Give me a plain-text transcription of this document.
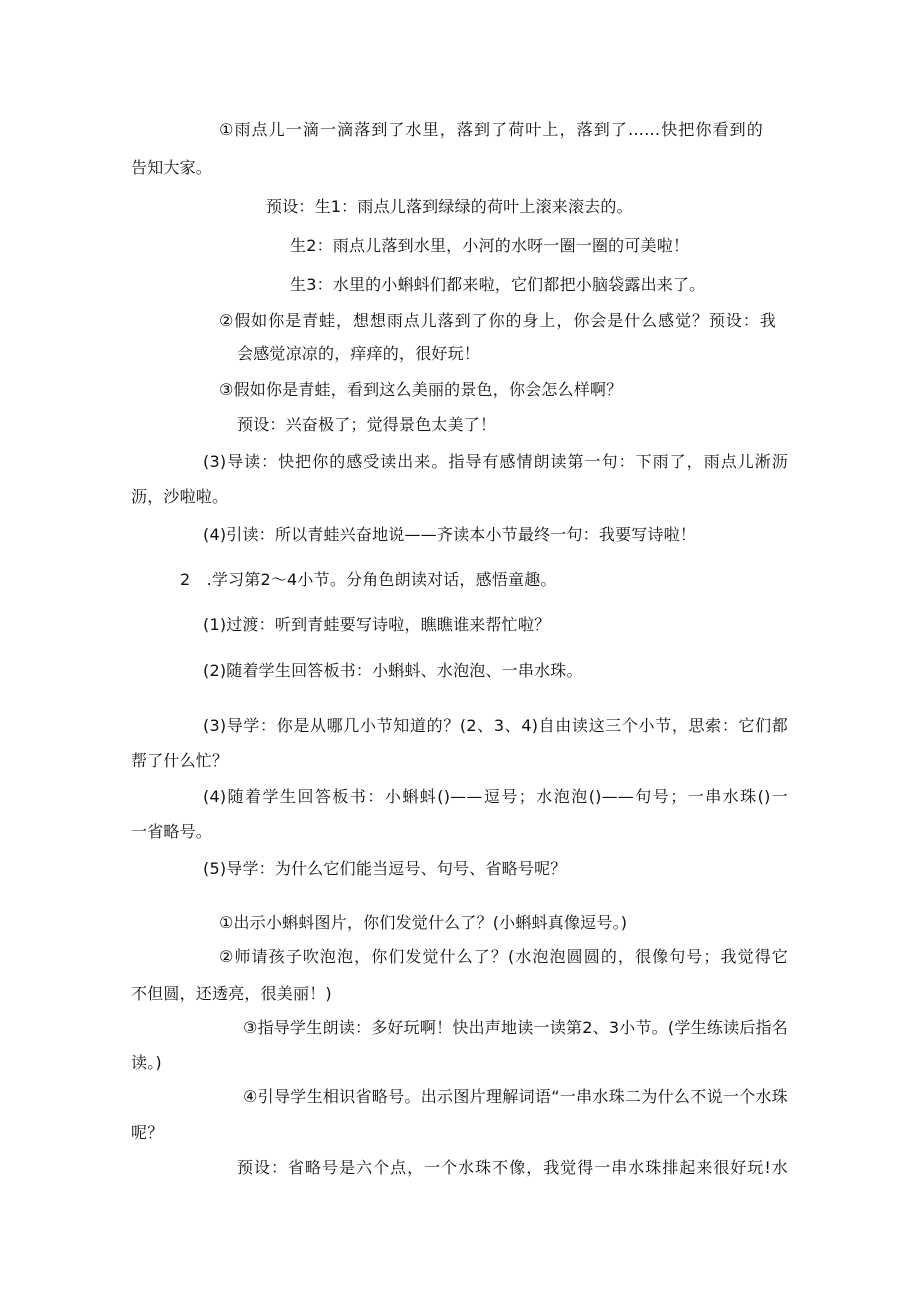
①雨点儿一滴一滴落到了水里，落到了荷叶上，落到了……快把你看到的
告知大家。
预设：生1：雨点儿落到绿绿的荷叶上滚来滚去的。
生2：雨点儿落到水里，小河的水呀一圈一圈的可美啦！
生3：水里的小蝌蚪们都来啦，它们都把小脑袋露出来了。
②假如你是青蛙，想想雨点儿落到了你的身上，你会是什么感觉？预设：我
会感觉凉凉的，痒痒的，很好玩！
③假如你是青蛙，看到这么美丽的景色，你会怎么样啊？
预设：兴奋极了；觉得景色太美了！
(3)导读：快把你的感受读出来。指导有感情朗读第一句：下雨了，雨点儿淅沥
沥，沙啦啦。
(4)引读：所以青蛙兴奋地说——齐读本小节最终一句：我要写诗啦！
2　.学习第2～4小节。分角色朗读对话，感悟童趣。
(1)过渡：听到青蛙要写诗啦，瞧瞧谁来帮忙啦？
(2)随着学生回答板书：小蝌蚪、水泡泡、一串水珠。
(3)导学：你是从哪几小节知道的？(2、3、4)自由读这三个小节，思索：它们都
帮了什么忙？
(4)随着学生回答板书：小蝌蚪()——逗号；水泡泡()——句号；一串水珠()一
一省略号。
(5)导学：为什么它们能当逗号、句号、省略号呢？
①出示小蝌蚪图片，你们发觉什么了？(小蝌蚪真像逗号。)
②师请孩子吹泡泡，你们发觉什么了？(水泡泡圆圆的，很像句号；我觉得它
不但圆，还透亮，很美丽！)
③指导学生朗读：多好玩啊！快出声地读一读第2、3小节。(学生练读后指名
读。)
④引导学生相识省略号。出示图片理解词语“一串水珠二为什么不说一个水珠
呢？
预设：省略号是六个点，一个水珠不像，我觉得一串水珠排起来很好玩!水
